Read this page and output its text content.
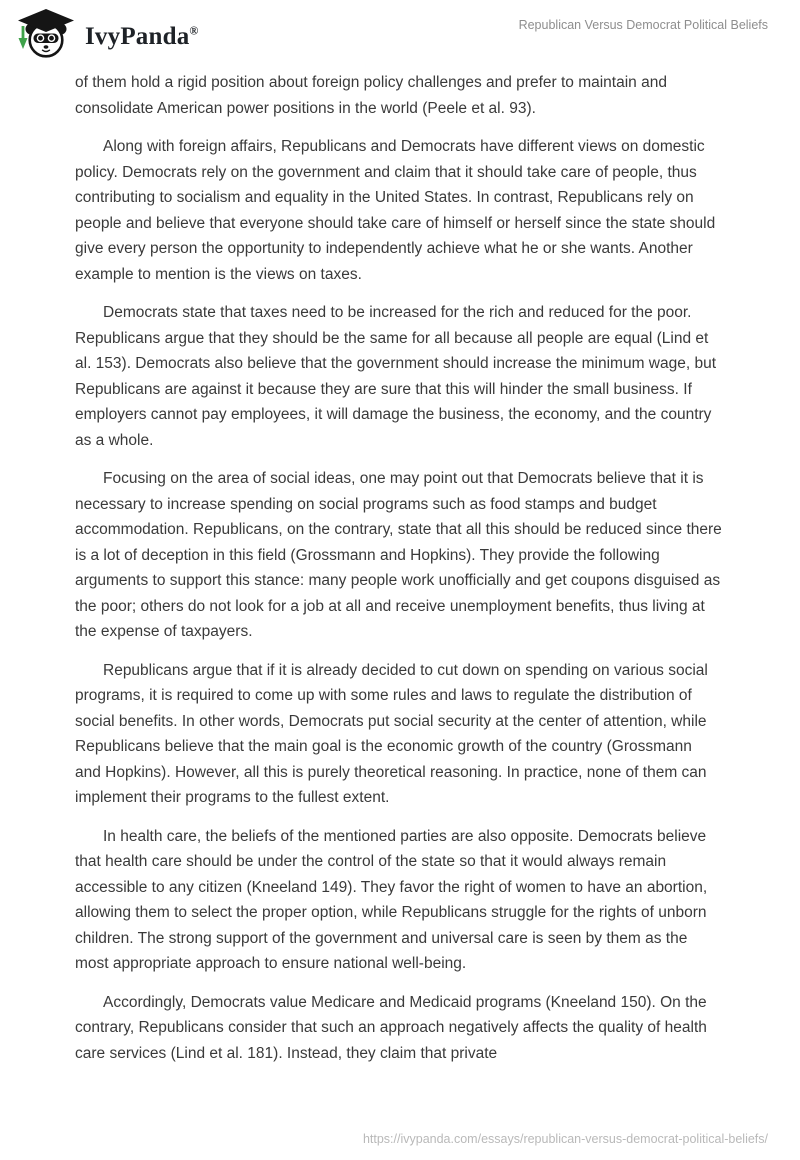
IvyPanda®	Republican Versus Democrat Political Beliefs

of them hold a rigid position about foreign policy challenges and prefer to maintain and consolidate American power positions in the world (Peele et al. 93).

Along with foreign affairs, Republicans and Democrats have different views on domestic policy. Democrats rely on the government and claim that it should take care of people, thus contributing to socialism and equality in the United States. In contrast, Republicans rely on people and believe that everyone should take care of himself or herself since the state should give every person the opportunity to independently achieve what he or she wants. Another example to mention is the views on taxes.

Democrats state that taxes need to be increased for the rich and reduced for the poor. Republicans argue that they should be the same for all because all people are equal (Lind et al. 153). Democrats also believe that the government should increase the minimum wage, but Republicans are against it because they are sure that this will hinder the small business. If employers cannot pay employees, it will damage the business, the economy, and the country as a whole.

Focusing on the area of social ideas, one may point out that Democrats believe that it is necessary to increase spending on social programs such as food stamps and budget accommodation. Republicans, on the contrary, state that all this should be reduced since there is a lot of deception in this field (Grossmann and Hopkins). They provide the following arguments to support this stance: many people work unofficially and get coupons disguised as the poor; others do not look for a job at all and receive unemployment benefits, thus living at the expense of taxpayers.

Republicans argue that if it is already decided to cut down on spending on various social programs, it is required to come up with some rules and laws to regulate the distribution of social benefits. In other words, Democrats put social security at the center of attention, while Republicans believe that the main goal is the economic growth of the country (Grossmann and Hopkins). However, all this is purely theoretical reasoning. In practice, none of them can implement their programs to the fullest extent.

In health care, the beliefs of the mentioned parties are also opposite. Democrats believe that health care should be under the control of the state so that it would always remain accessible to any citizen (Kneeland 149). They favor the right of women to have an abortion, allowing them to select the proper option, while Republicans struggle for the rights of unborn children. The strong support of the government and universal care is seen by them as the most appropriate approach to ensure national well-being.

Accordingly, Democrats value Medicare and Medicaid programs (Kneeland 150). On the contrary, Republicans consider that such an approach negatively affects the quality of health care services (Lind et al. 181). Instead, they claim that private

https://ivypanda.com/essays/republican-versus-democrat-political-beliefs/
